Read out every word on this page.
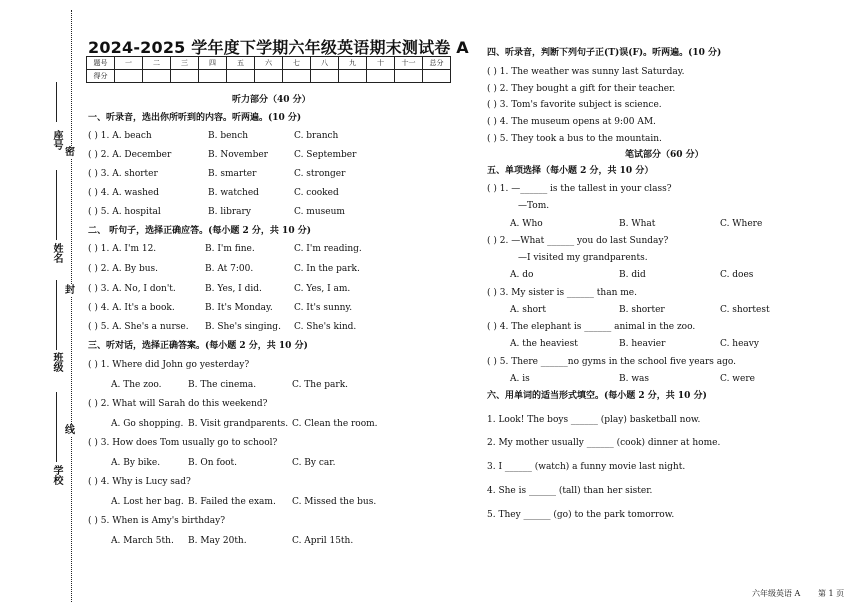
座号
姓名
班级
学校
密
封
线
2024-2025 学年度下学期六年级英语期末测试卷 A
题号	一	二	三	四	五	六	七	八	九	十	十一	总分
得分												
听力部分（40 分）
一、听录音，选出你所听到的内容。听两遍。(10 分)
( ) 1. A. beach	B. bench	C. branch
( ) 2. A. December	B. November	C. September
( ) 3. A. shorter	B. smarter	C. stronger
( ) 4. A. washed	B. watched	C. cooked
( ) 5. A. hospital	B. library	C. museum
二、 听句子，选择正确应答。(每小题 2 分，共 10 分)
( ) 1. A. I'm 12.	B. I'm fine.	C. I'm reading.
( ) 2. A. By bus.	B. At 7:00.	C. In the park.
( ) 3. A. No, I don't.	B. Yes, I did.	C. Yes, I am.
( ) 4. A. It's a book.	B. It's Monday. C. It's sunny.
( ) 5. A. She's a nurse. B. She's singing. C. She's kind.
三、听对话，选择正确答案。(每小题 2 分，共 10 分)
( ) 1. Where did John go yesterday?
A. The zoo.	B. The cinema.	C. The park.
( ) 2. What will Sarah do this weekend?
A. Go shopping. B. Visit grandparents. C. Clean the room.
( ) 3. How does Tom usually go to school?
A. By bike.	B. On foot.	C. By car.
( ) 4. Why is Lucy sad?
A. Lost her bag. B. Failed the exam. C. Missed the bus.
( ) 5. When is Amy's birthday?
A. March 5th. B. May 20th.	C. April 15th.
四、听录音，判断下列句子正(T)误(F)。听两遍。(10 分)
( ) 1. The weather was sunny last Saturday.
( ) 2. They bought a gift for their teacher.
( ) 3. Tom's favorite subject is science.
( ) 4. The museum opens at 9:00 AM.
( ) 5. They took a bus to the mountain.
笔试部分（60 分）
五、单项选择（每小题 2 分，共 10 分）
( ) 1. —______ is the tallest in your class?
—Tom.
A. Who	B. What	C. Where
( ) 2. —What ______ you do last Sunday?
—I visited my grandparents.
A. do	B. did	C. does
( ) 3. My sister is ______ than me.
A. short	B. shorter	C. shortest
( ) 4. The elephant is ______ animal in the zoo.
A. the heaviest	B. heavier	C. heavy
( ) 5. There ______no gyms in the school five years ago.
A. is	B. was	C. were
六、用单词的适当形式填空。(每小题 2 分，共 10 分)
1. Look! The boys ______ (play) basketball now.
2. My mother usually ______ (cook) dinner at home.
3. I ______ (watch) a funny movie last night.
4. She is ______ (tall) than her sister.
5. They ______ (go) to the park tomorrow.
六年级英语 A 第 1 页
